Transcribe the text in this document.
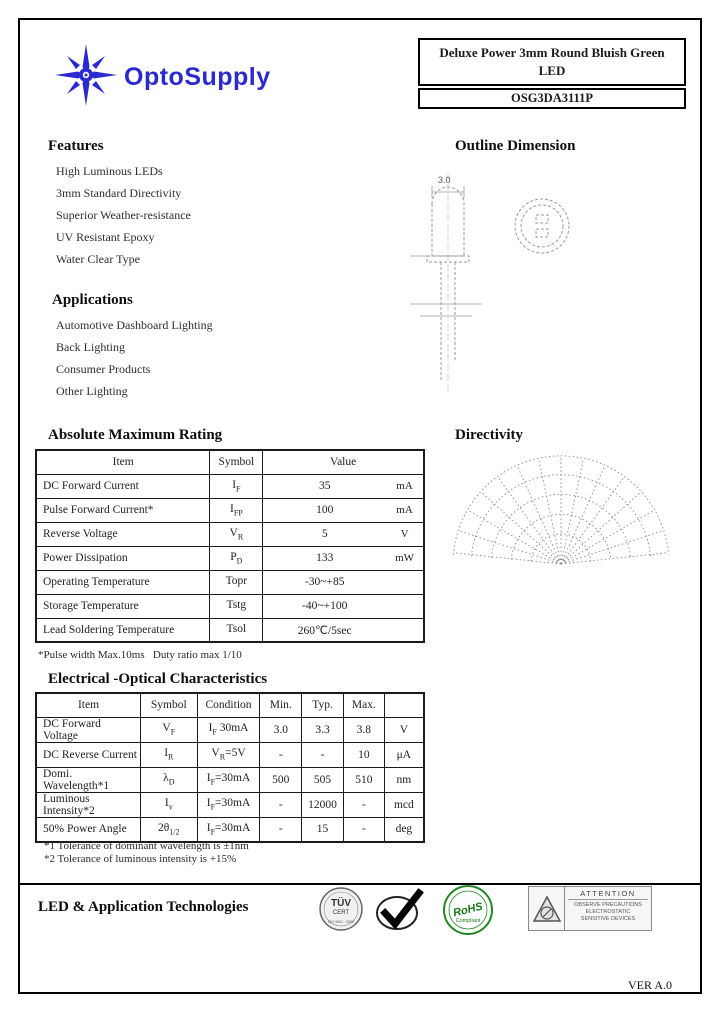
OptoSupply
Deluxe Power 3mm Round Bluish Green LED
OSG3DA3111P
Features
High Luminous LEDs
3mm Standard Directivity
Superior Weather-resistance
UV Resistant Epoxy
Water Clear Type
Outline Dimension
3.0
Applications
Automotive Dashboard Lighting
Back Lighting
Consumer Products
Other Lighting
Absolute Maximum Rating
Item	Symbol	Value	
DC Forward Current	$I_F$	35	mA
Pulse Forward Current*	$I_{FP}$	100	mA
Reverse Voltage	$V_R$	5	V
Power Dissipation	$P_D$	133	mW
Operating Temperature	Topr	-30~+85	
Storage Temperature	Tstg	-40~+100	
Lead Soldering Temperature	Tsol	260℃/5sec	
*Pulse width Max.10ms   Duty ratio max 1/10
Directivity
Electrical -Optical Characteristics
Item	Symbol	Condition	Min.	Typ.	Max.	
DC Forward Voltage	$V_F$	$I_F$ 30mA	3.0	3.3	3.8	V
DC Reverse Current	$I_R$	$V_R=5V$	-	-	10	μA
Domi. Wavelength*1	$\lambda_D$	$I_F=30mA$	500	505	510	nm
Luminous Intensity*2	$I_v$	$I_F=30mA$	-	12000	-	mcd
50% Power Angle	$2\theta_{1/2}$	$I_F=30mA$	-	15	-	deg
*1 Tolerance of dominant wavelength is ±1nm
*2 Tolerance of luminous intensity is +15%
LED & Application Technologies	TÜV
CERT
ISO 9001 : 2000
RoHS
Compliant
ATTENTION
OBSERVE PRECAUTIONS
ELECTROSTATIC
SENSITIVE DEVICES
VER A.0
